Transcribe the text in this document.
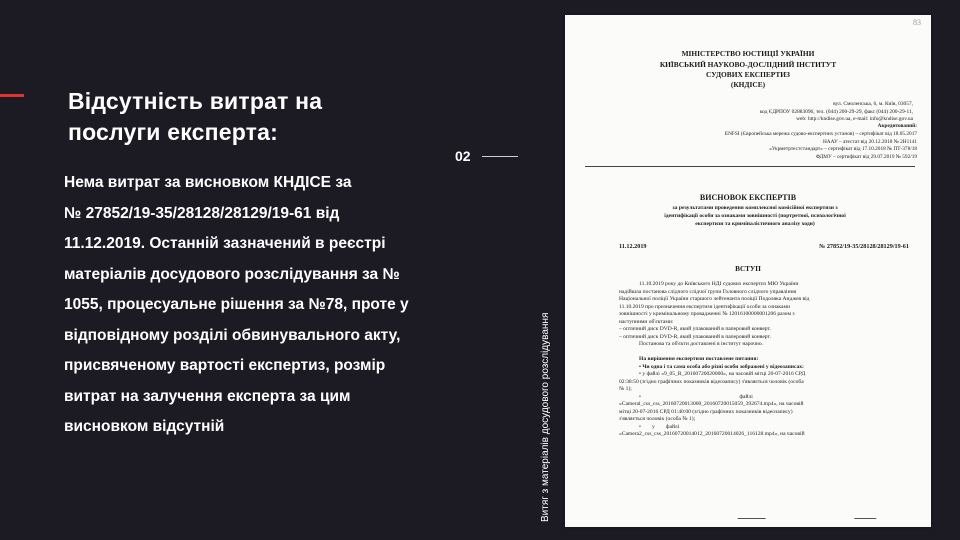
Відсутність витрат на
послуги експерта:
Нема витрат за висновком КНДІСЕ за
№ 27852/19-35/28128/28129/19-61 від
11.12.2019. Останній зазначений в реєстрі
матеріалів досудового розслідування за №
1055, процесуальне рішення за №78, проте у
відповідному розділі обвинувального акту,
присвяченому вартості експертиз, розмір
витрат на залучення експерта за цим
висновком відсутній
02
Витяг з матеріалів досудового розслідування
83
МІНІСТЕРСТВО ЮСТИЦІЇ УКРАЇНИ
КИЇВСЬКИЙ НАУКОВО-ДОСЛІДНИЙ ІНСТИТУТ
СУДОВИХ ЕКСПЕРТИЗ
(КНДІСЕ)
вул. Смоленська, 6, м. Київ, 03057,
код ЄДРПОУ 02883096, тел. (044) 200-29-29, факс (044) 200-29-11,
web: http://kndise.gov.ua, e-mail: info@kndise.gov.ua
Акредитований:
ENFSI (Європейська мережа судово-експертних установ) – сертифікат від 18.05.2017
НААУ – атестат від 20.12.2018 № 2Н1141
«Укрметртестстандарт» – сертифікат від 17.10.2018 № ПТ-378/18
ФДМУ – сертифікат від 29.07.2019 № 592/19
ВИСНОВОК ЕКСПЕРТІВ
за результатами проведення комплексної комісійної експертизи з
ідентифікації особи за ознаками зовнішності (портретної, психологічної
експертизи та криміналістичного аналізу ходи)
11.12.2019	№ 27852/19-35/28128/28129/19-61
ВСТУП
11.10.2019 року до Київського НДІ судових експертиз МЮ України
надійшла постанова слідчого слідчої групи Головного слідчого управління
Національної поліції України старшого лейтенанта поліції Подоляка Анджея від
11.10.2019 про призначення експертизи ідентифікації особи за ознаками
зовнішності у кримінальному провадженні № 12016100000001206 разом з
наступними об'єктами:
– оптичний диск DVD-R, який упакований в паперовий конверт.
– оптичний диск DVD-R, який упакований в паперовий конверт.
Постанова та об'єкти доставлені в інститут нарочно.
На вирішення експертизи поставлене питання:
• Чи одна і та сама особа або різні особи зображені у відеозаписах:
• у файлі «9_05_R_20160720020000», на часовій мітці 20-07-2016 СРД
02:38:50 (згідно графічних показників відеозапису) з'являється чоловік (особа
№ 1);
•                                                                       файлі
«Cameral_css_css_20160720013000_20160720015059_392674.mp4», на часовій
мітці 20-07-2016 СРД 01:40:00 (згідно графічних показників відеозапису)
з'являється чоловік (особа № 1);
•        у        файлі
«Camera2_css_css_20160720014012_20160720014026_116128.mp4», на часовій
